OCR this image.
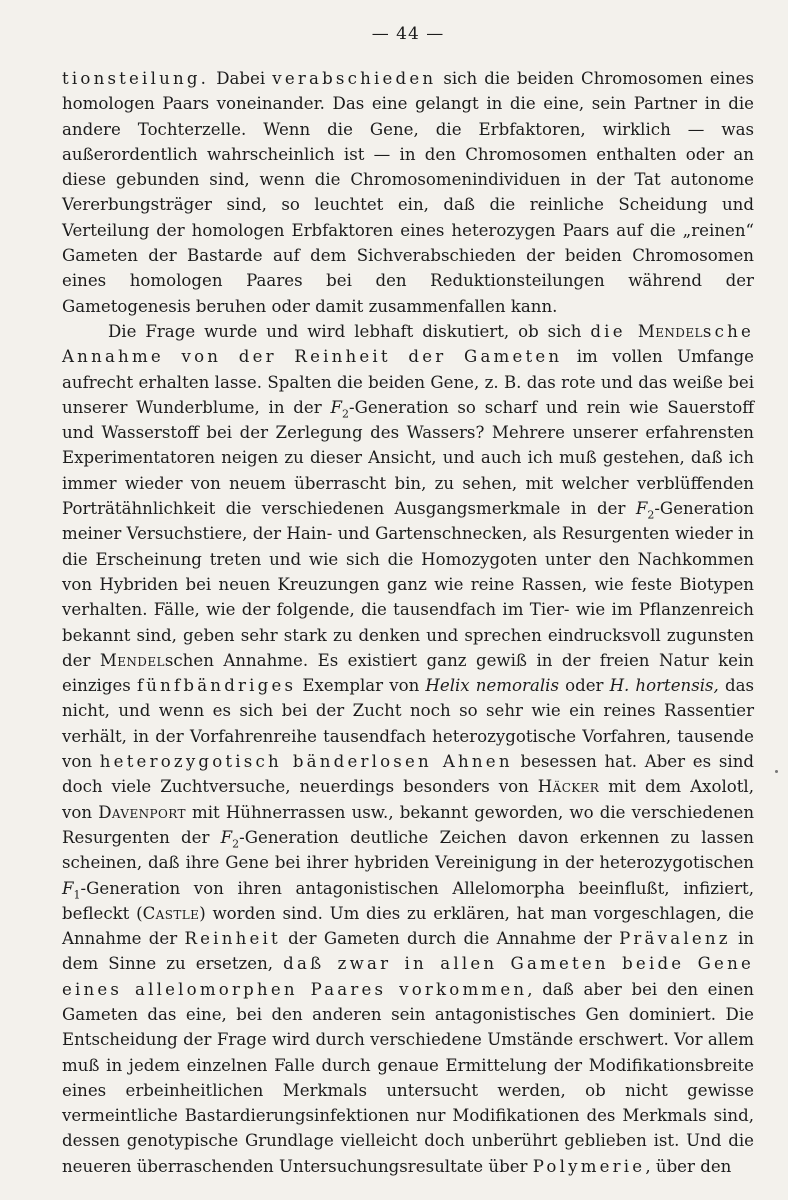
— 44 —

tionsteilung. Dabei verabschieden sich die beiden Chromosomen eines homologen Paars voneinander. Das eine gelangt in die eine, sein Partner in die andere Tochterzelle. Wenn die Gene, die Erbfaktoren, wirklich — was außerordentlich wahrscheinlich ist — in den Chromosomen enthalten oder an diese gebunden sind, wenn die Chromosomenindividuen in der Tat autonome Vererbungsträger sind, so leuchtet ein, daß die reinliche Scheidung und Verteilung der homologen Erbfaktoren eines heterozygen Paars auf die „reinen“ Gameten der Bastarde auf dem Sichverabschieden der beiden Chromosomen eines homologen Paares bei den Reduktionsteilungen während der Gametogenesis beruhen oder damit zusammenfallen kann.

Die Frage wurde und wird lebhaft diskutiert, ob sich die Mendelsche Annahme von der Reinheit der Gameten im vollen Umfange aufrecht erhalten lasse. Spalten die beiden Gene, z. B. das rote und das weiße bei unserer Wunderblume, in der $F_2$-Generation so scharf und rein wie Sauerstoff und Wasserstoff bei der Zerlegung des Wassers? Mehrere unserer erfahrensten Experimentatoren neigen zu dieser Ansicht, und auch ich muß gestehen, daß ich immer wieder von neuem überrascht bin, zu sehen, mit welcher verblüffenden Porträtähnlichkeit die verschiedenen Ausgangsmerkmale in der $F_2$-Generation meiner Versuchstiere, der Hain- und Gartenschnecken, als Resurgenten wieder in die Erscheinung treten und wie sich die Homozygoten unter den Nachkommen von Hybriden bei neuen Kreuzungen ganz wie reine Rassen, wie feste Biotypen verhalten. Fälle, wie der folgende, die tausendfach im Tier- wie im Pflanzenreich bekannt sind, geben sehr stark zu denken und sprechen eindrucksvoll zugunsten der Mendelschen Annahme. Es existiert ganz gewiß in der freien Natur kein einziges fünfbändriges Exemplar von Helix nemoralis oder H. hortensis, das nicht, und wenn es sich bei der Zucht noch so sehr wie ein reines Rassentier verhält, in der Vorfahrenreihe tausendfach heterozygotische Vorfahren, tausende von heterozygotisch bänderlosen Ahnen besessen hat. Aber es sind doch viele Zuchtversuche, neuerdings besonders von Häcker mit dem Axolotl, von Davenport mit Hühnerrassen usw., bekannt geworden, wo die verschiedenen Resurgenten der $F_2$-Generation deutliche Zeichen davon erkennen zu lassen scheinen, daß ihre Gene bei ihrer hybriden Vereinigung in der heterozygotischen $F_1$-Generation von ihren antagonistischen Allelomorpha beeinflußt, infiziert, befleckt (Castle) worden sind. Um dies zu erklären, hat man vorgeschlagen, die Annahme der Reinheit der Gameten durch die Annahme der Prävalenz in dem Sinne zu ersetzen, daß zwar in allen Gameten beide Gene eines allelomorphen Paares vorkommen, daß aber bei den einen Gameten das eine, bei den anderen sein antagonistisches Gen dominiert. Die Entscheidung der Frage wird durch verschiedene Umstände erschwert. Vor allem muß in jedem einzelnen Falle durch genaue Ermittelung der Modifikationsbreite eines erbeinheitlichen Merkmals untersucht werden, ob nicht gewisse vermeintliche Bastardierungsinfektionen nur Modifikationen des Merkmals sind, dessen genotypische Grundlage vielleicht doch unberührt geblieben ist. Und die neueren überraschenden Untersuchungsresultate über Polymerie, über den
